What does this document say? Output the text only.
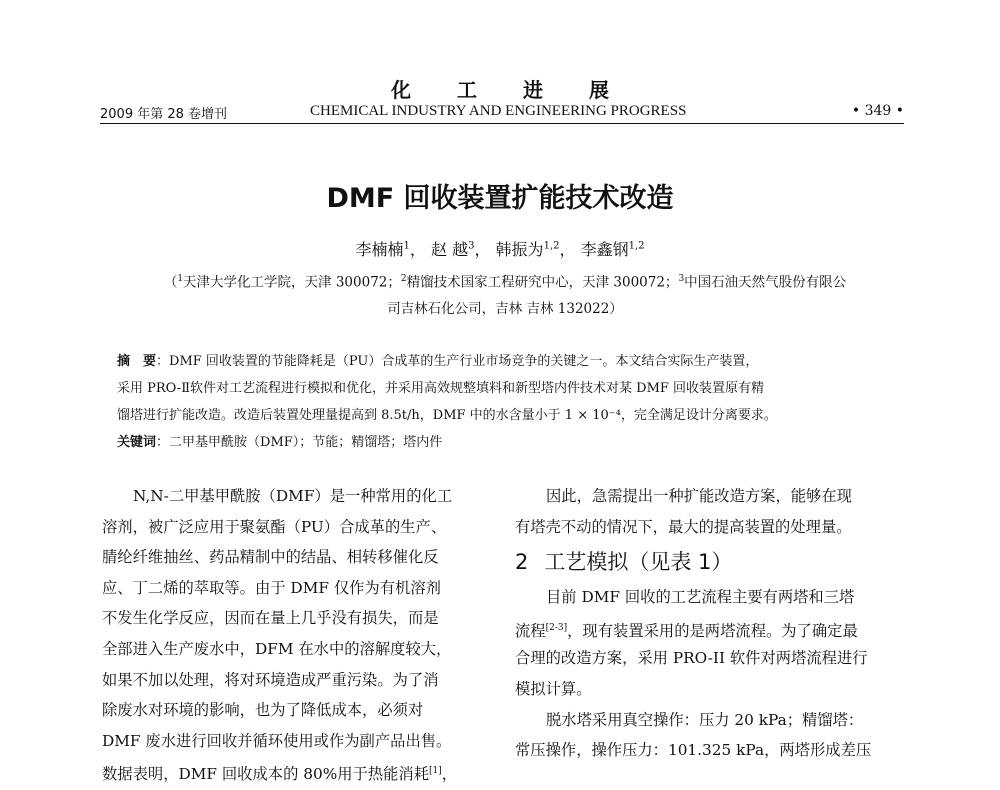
化工进展
2009 年第 28 卷增刊	CHEMICAL INDUSTRY AND ENGINEERING PROGRESS	• 349 •
DMF 回收装置扩能技术改造
李楠楠$^1$， 赵 越$^3$， 韩振为$^{1,2}$， 李鑫钢$^{1,2}$
（$^1$天津大学化工学院，天津 300072；$^2$精馏技术国家工程研究中心，天津 300072；$^3$中国石油天然气股份有限公
司吉林石化公司，吉林 吉林 132022）
摘　要：DMF 回收装置的节能降耗是（PU）合成革的生产行业市场竞争的关键之一。本文结合实际生产装置，
采用 PRO-Ⅱ软件对工艺流程进行模拟和优化，并采用高效规整填料和新型塔内件技术对某 DMF 回收装置原有精
馏塔进行扩能改造。改造后装置处理量提高到 8.5t/h，DMF 中的水含量小于 1 × 10⁻⁴，完全满足设计分离要求。
关键词：二甲基甲酰胺（DMF）；节能；精馏塔；塔内件
N,N-二甲基甲酰胺（DMF）是一种常用的化工
溶剂，被广泛应用于聚氨酯（PU）合成革的生产、
腈纶纤维抽丝、药品精制中的结晶、相转移催化反
应、丁二烯的萃取等。由于 DMF 仅作为有机溶剂
不发生化学反应，因而在量上几乎没有损失，而是
全部进入生产废水中，DFM 在水中的溶解度较大，
如果不加以处理，将对环境造成严重污染。为了消
除废水对环境的影响，也为了降低成本，必须对
DMF 废水进行回收并循环使用或作为副产品出售。
数据表明，DMF 回收成本的 80%用于热能消耗[1]，
因此，急需提出一种扩能改造方案，能够在现
有塔壳不动的情况下，最大的提高装置的处理量。
2 工艺模拟（见表 1）
目前 DMF 回收的工艺流程主要有两塔和三塔
流程[2-3]，现有装置采用的是两塔流程。为了确定最
合理的改造方案，采用 PRO-II 软件对两塔流程进行
模拟计算。
脱水塔采用真空操作：压力 20 kPa；精馏塔：
常压操作，操作压力：101.325 kPa，两塔形成差压
